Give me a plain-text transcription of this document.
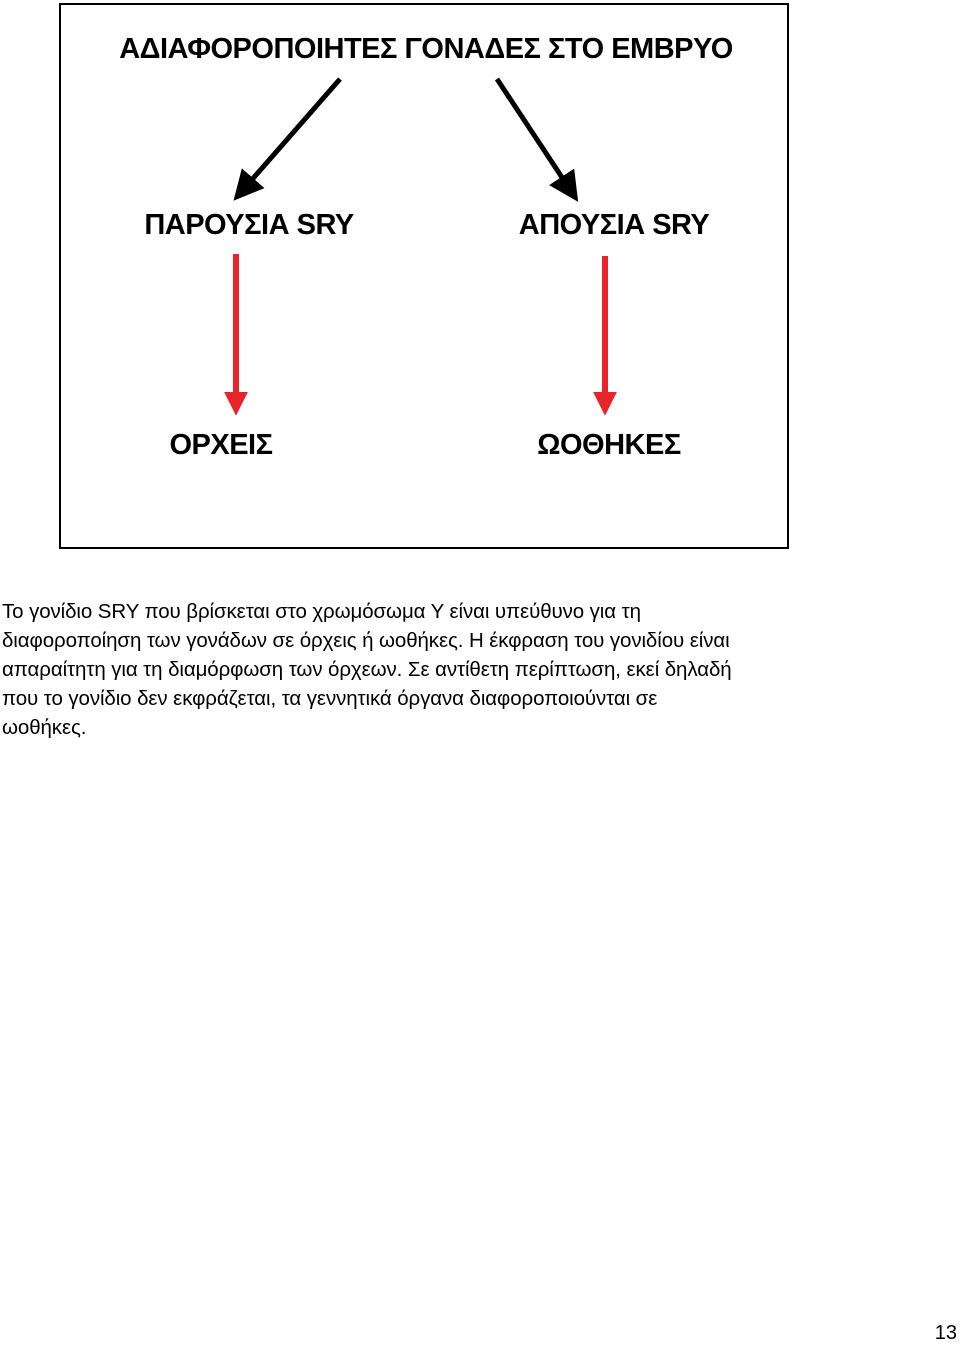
ΑΔΙΑΦΟΡΟΠΟΙΗΤΕΣ ΓΟΝΑΔΕΣ ΣΤΟ ΕΜΒΡΥΟ
ΠΑΡΟΥΣΙΑ SRY	ΑΠΟΥΣΙΑ SRY
ΟΡΧΕΙΣ	ΩΟΘΗΚΕΣ
Το γονίδιο SRY που βρίσκεται στο χρωμόσωμα Υ είναι υπεύθυνο για τη
διαφοροποίηση των γονάδων σε όρχεις ή ωοθήκες. Η έκφραση του γονιδίου είναι
απαραίτητη για τη διαμόρφωση των όρχεων. Σε αντίθετη περίπτωση, εκεί δηλαδή
που το γονίδιο δεν εκφράζεται, τα γεννητικά όργανα διαφοροποιούνται σε
ωοθήκες.
13
